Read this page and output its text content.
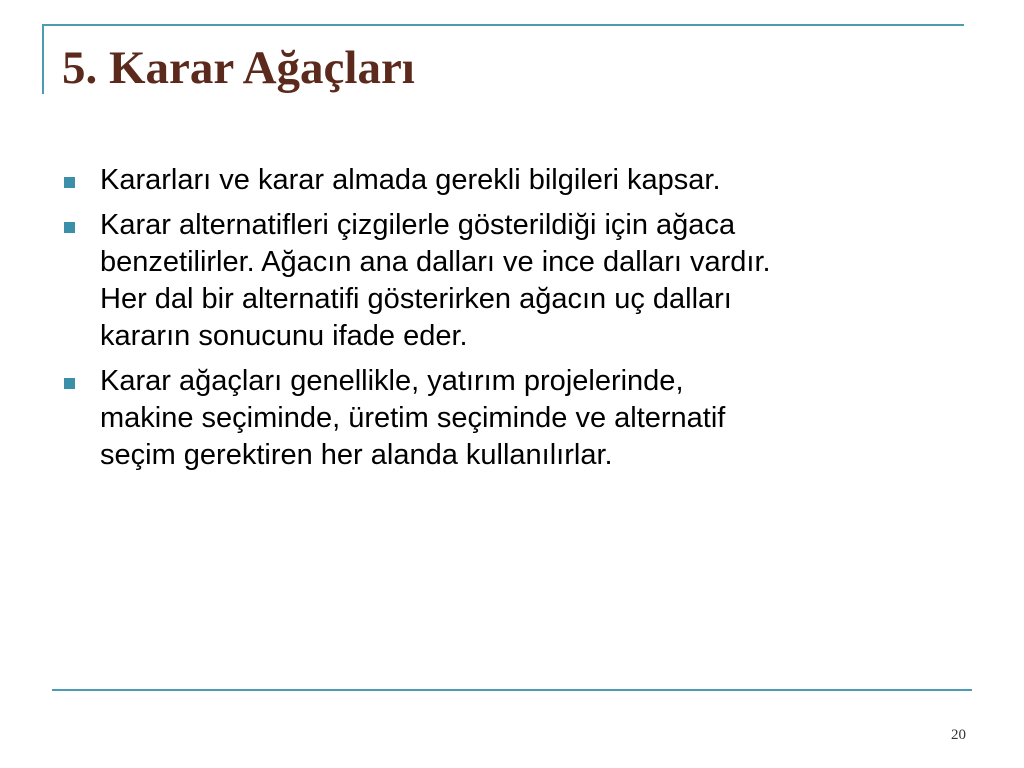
5. Karar Ağaçları
Kararları ve karar almada gerekli bilgileri kapsar.
Karar alternatifleri çizgilerle gösterildiği için ağaca
benzetilirler. Ağacın ana dalları ve ince dalları vardır.
Her dal bir alternatifi gösterirken ağacın uç dalları
kararın sonucunu ifade eder.
Karar ağaçları genellikle, yatırım projelerinde,
makine seçiminde, üretim seçiminde ve alternatif
seçim gerektiren her alanda kullanılırlar.
20
